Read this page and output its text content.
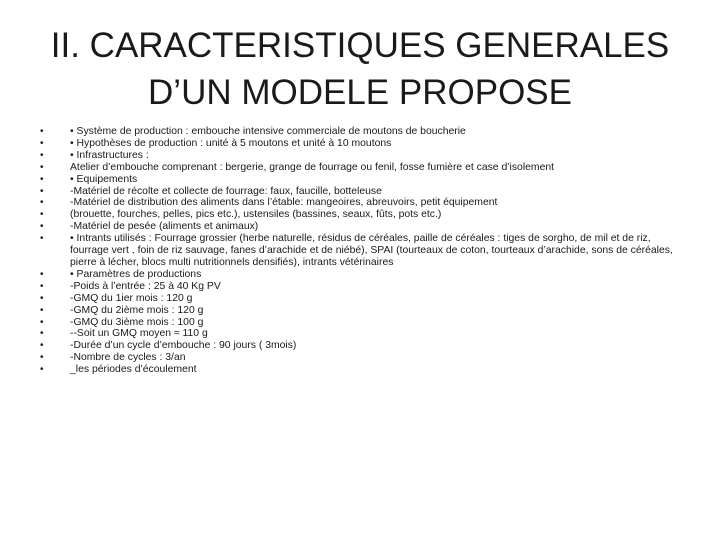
II. CARACTERISTIQUES GENERALES
D’UN MODELE PROPOSE
•	• Système de production : embouche intensive commerciale de moutons de boucherie
•	• Hypothèses de production : unité à 5 moutons et unité à 10 moutons
•	• Infrastructures :
•	Atelier d’embouche comprenant : bergerie, grange de fourrage ou fenil, fosse fumière et case d’isolement
•	• Equipements
•	-Matériel de récolte et collecte de fourrage: faux, faucille, botteleuse
•	-Matériel de distribution des aliments dans l’étable: mangeoires, abreuvoirs, petit équipement
•	(brouette, fourches, pelles, pics etc.), ustensiles (bassines, seaux, fûts, pots etc.)
•	-Matériel de pesée (aliments et animaux)
•	• Intrants utilisés : Fourrage grossier (herbe naturelle, résidus de céréales, paille de céréales : tiges de sorgho, de mil et de riz, fourrage vert , foin de riz sauvage, fanes d’arachide et de niébé), SPAI (tourteaux de coton, tourteaux d’arachide, sons de céréales, pierre à lécher, blocs multi nutritionnels densifiés), intrants vétérinaires
•	• Paramètres de productions
•	-Poids à l’entrée : 25 à 40 Kg PV
•	-GMQ du 1ier mois : 120 g
•	-GMQ du 2ième mois : 120 g
•	-GMQ du 3ième mois : 100 g
•	--Soit un GMQ moyen ≈ 110 g
•	-Durée d’un cycle d’embouche : 90 jours ( 3mois)
•	-Nombre de cycles : 3/an
•	_les périodes d’écoulement
